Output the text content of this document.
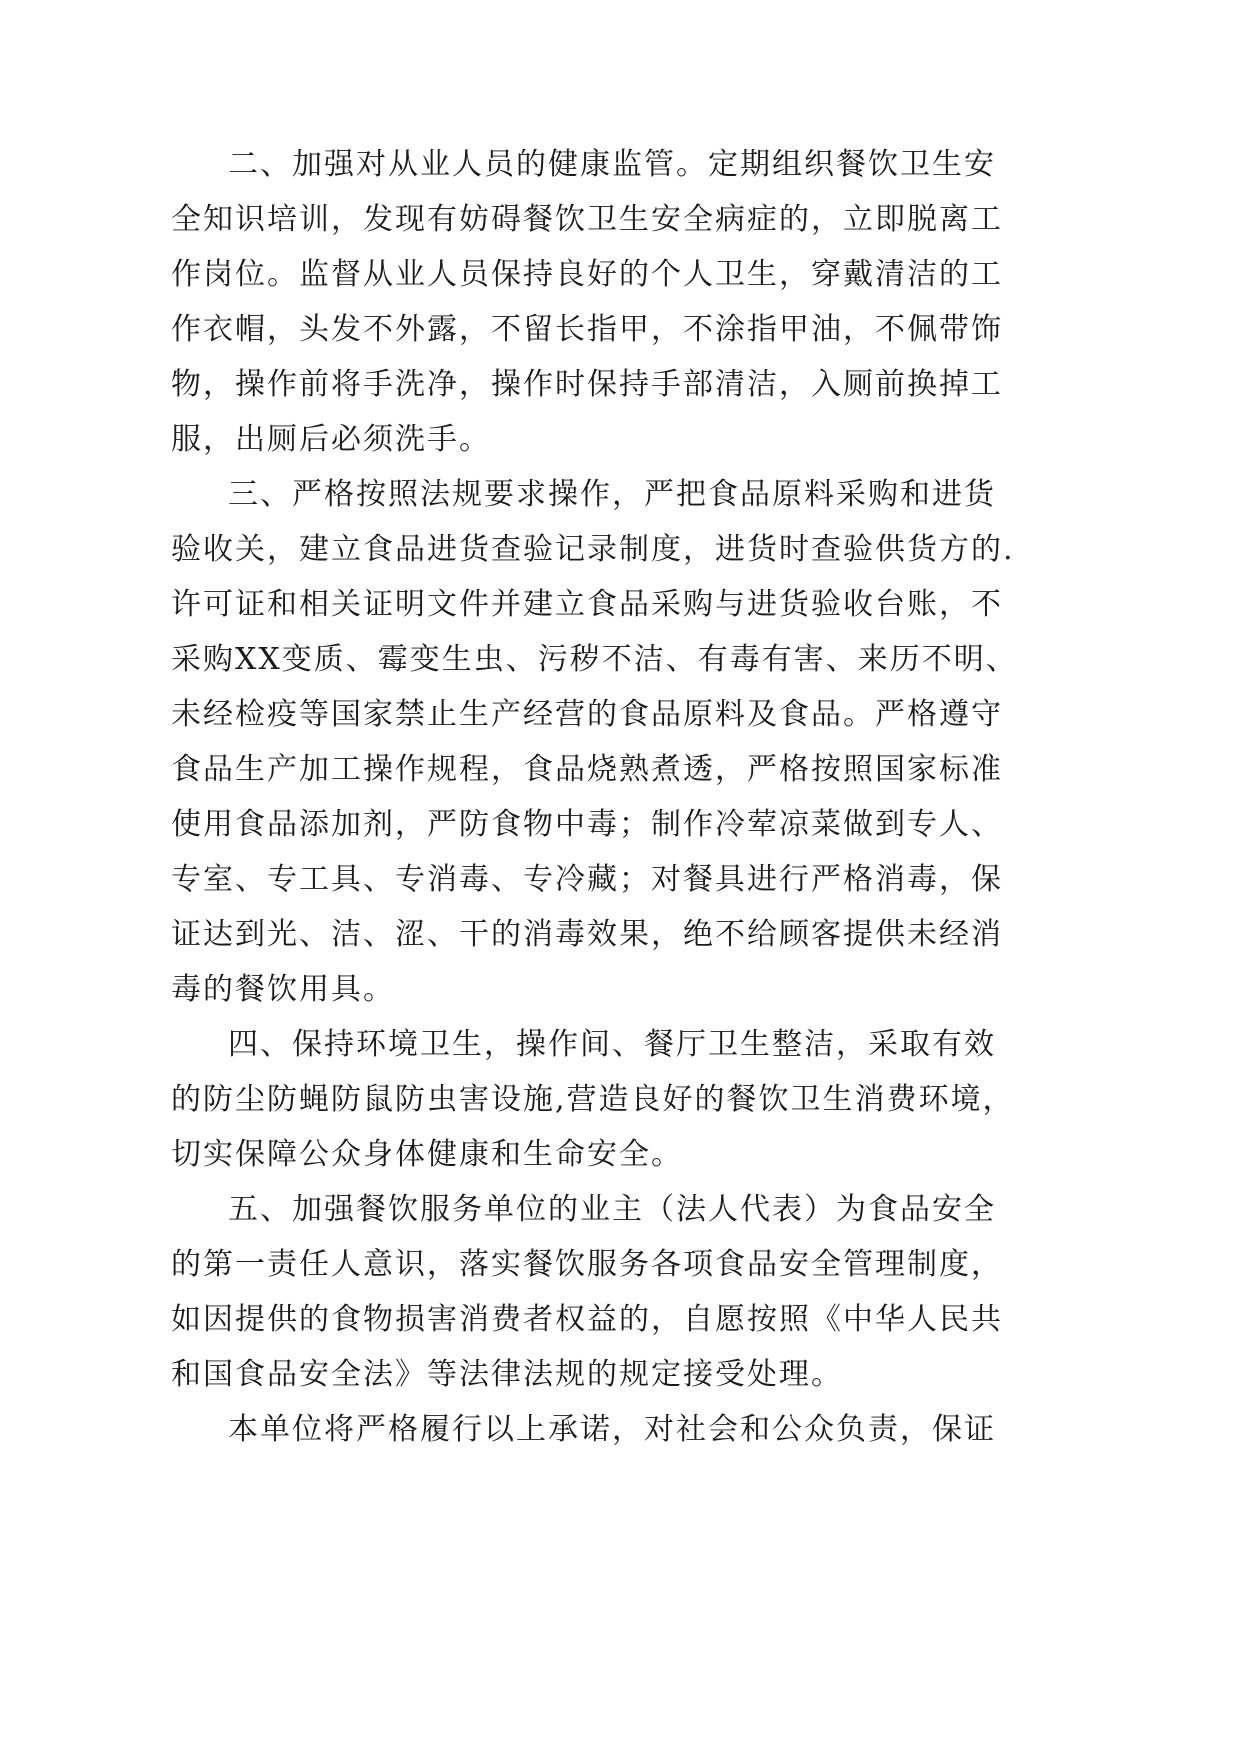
二、加强对从业人员的健康监管。定期组织餐饮卫生安
全知识培训，发现有妨碍餐饮卫生安全病症的，立即脱离工
作岗位。监督从业人员保持良好的个人卫生，穿戴清洁的工
作衣帽，头发不外露，不留长指甲，不涂指甲油，不佩带饰
物，操作前将手洗净，操作时保持手部清洁，入厕前换掉工
服，出厕后必须洗手。
三、严格按照法规要求操作，严把食品原料采购和进货
验收关，建立食品进货查验记录制度，进货时查验供货方的.
许可证和相关证明文件并建立食品采购与进货验收台账，不
采购XX变质、霉变生虫、污秽不洁、有毒有害、来历不明、
未经检疫等国家禁止生产经营的食品原料及食品。严格遵守
食品生产加工操作规程，食品烧熟煮透，严格按照国家标准
使用食品添加剂，严防食物中毒；制作冷荤凉菜做到专人、
专室、专工具、专消毒、专冷藏；对餐具进行严格消毒，保
证达到光、洁、涩、干的消毒效果，绝不给顾客提供未经消
毒的餐饮用具。
四、保持环境卫生，操作间、餐厅卫生整洁，采取有效
的防尘防蝇防鼠防虫害设施,营造良好的餐饮卫生消费环境，
切实保障公众身体健康和生命安全。
五、加强餐饮服务单位的业主（法人代表）为食品安全
的第一责任人意识，落实餐饮服务各项食品安全管理制度，
如因提供的食物损害消费者权益的，自愿按照《中华人民共
和国食品安全法》等法律法规的规定接受处理。
本单位将严格履行以上承诺，对社会和公众负责，保证
